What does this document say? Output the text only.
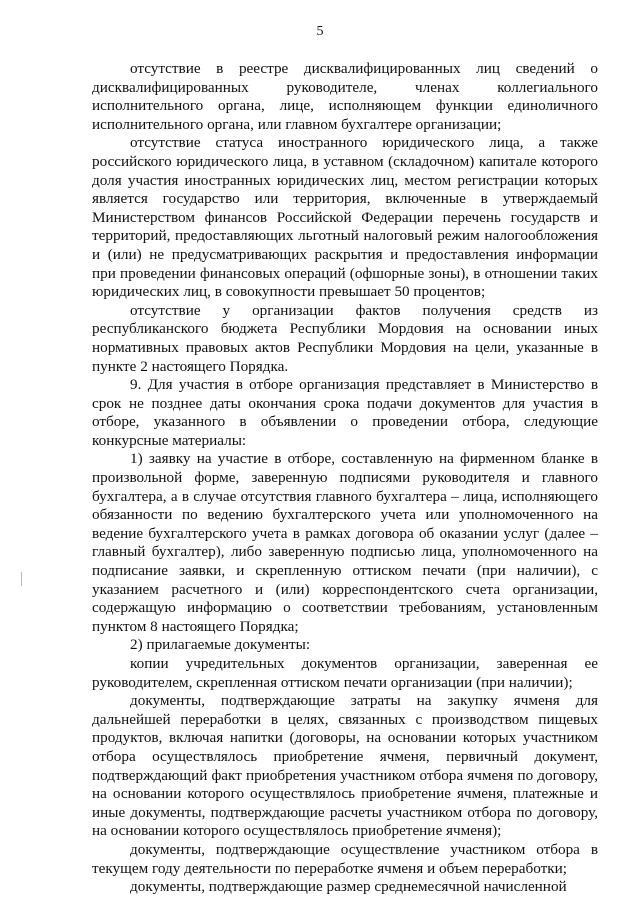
5

отсутствие в реестре дисквалифицированных лиц сведений о дисквалифицированных руководителе, членах коллегиального исполнительного органа, лице, исполняющем функции единоличного исполнительного органа, или главном бухгалтере организации;

отсутствие статуса иностранного юридического лица, а также российского юридического лица, в уставном (складочном) капитале которого доля участия иностранных юридических лиц, местом регистрации которых является государство или территория, включенные в утверждаемый Министерством финансов Российской Федерации перечень государств и территорий, предоставляющих льготный налоговый режим налогообложения и (или) не предусматривающих раскрытия и предоставления информации при проведении финансовых операций (офшорные зоны), в отношении таких юридических лиц, в совокупности превышает 50 процентов;

отсутствие у организации фактов получения средств из республиканского бюджета Республики Мордовия на основании иных нормативных правовых актов Республики Мордовия на цели, указанные в пункте 2 настоящего Порядка.

9. Для участия в отборе организация представляет в Министерство в срок не позднее даты окончания срока подачи документов для участия в отборе, указанного в объявлении о проведении отбора, следующие конкурсные материалы:

1) заявку на участие в отборе, составленную на фирменном бланке в произвольной форме, заверенную подписями руководителя и главного бухгалтера, а в случае отсутствия главного бухгалтера – лица, исполняющего обязанности по ведению бухгалтерского учета или уполномоченного на ведение бухгалтерского учета в рамках договора об оказании услуг (далее – главный бухгалтер), либо заверенную подписью лица, уполномоченного на подписание заявки, и скрепленную оттиском печати (при наличии), с указанием расчетного и (или) корреспондентского счета организации, содержащую информацию о соответствии требованиям, установленным пунктом 8 настоящего Порядка;

2) прилагаемые документы:

копии учредительных документов организации, заверенная ее руководителем, скрепленная оттиском печати организации (при наличии);

документы, подтверждающие затраты на закупку ячменя для дальнейшей переработки в целях, связанных с производством пищевых продуктов, включая напитки (договоры, на основании которых участником отбора осуществлялось приобретение ячменя, первичный документ, подтверждающий факт приобретения участником отбора ячменя по договору, на основании которого осуществлялось приобретение ячменя, платежные и иные документы, подтверждающие расчеты участником отбора по договору, на основании которого осуществлялось приобретение ячменя);

документы, подтверждающие осуществление участником отбора в текущем году деятельности по переработке ячменя и объем переработки;

документы, подтверждающие размер среднемесячной начисленной
